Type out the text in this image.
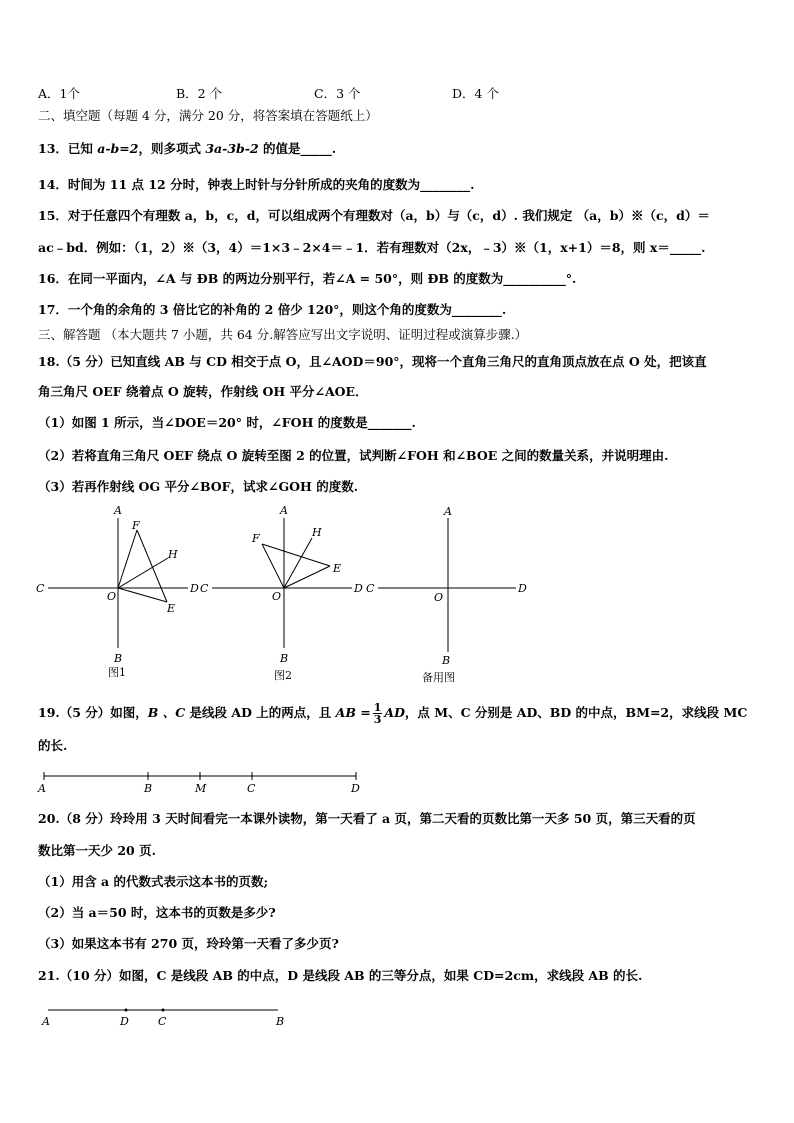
A．1个	B．2 个	C．3 个	D．4 个
二、填空题（每题 4 分，满分 20 分，将答案填在答题纸上）
13．已知 a-b=2，则多项式 3a-3b-2 的值是_____.
14．时间为 11 点 12 分时，钟表上时针与分针所成的夹角的度数为________.
15．对于任意四个有理数 a，b，c，d，可以组成两个有理数对（a，b）与（c，d）. 我们规定 （a，b）※（c，d）＝
ac﹣bd．例如：（1，2）※（3，4）＝1×3﹣2×4＝﹣1．若有理数对（2x，﹣3）※（1，x+1）＝8，则 x＝_____.
16．在同一平面内，∠A 与 ÐB 的两边分别平行，若∠A = 50°，则 ÐB 的度数为__________°.
17．一个角的余角的 3 倍比它的补角的 2 倍少 120°，则这个角的度数为________.
三、解答题 （本大题共 7 小题，共 64 分.解答应写出文字说明、证明过程或演算步骤.）
18.（5 分）已知直线 AB 与 CD 相交于点 O，且∠AOD＝90°，现将一个直角三角尺的直角顶点放在点 O 处，把该直
角三角尺 OEF 绕着点 O 旋转，作射线 OH 平分∠AOE．
（1）如图 1 所示，当∠DOE＝20° 时，∠FOH 的度数是_______.
（2）若将直角三角尺 OEF 绕点 O 旋转至图 2 的位置，试判断∠FOH 和∠BOE 之间的数量关系，并说明理由.
（3）若再作射线 OG 平分∠BOF，试求∠GOH 的度数.
A
F
H
C
O
D
E
B
图1
A
F	H
E
C
O
D
B
图2
A
C
O
D
B
备用图
A	B	M	C	D
A	D	C	B
19.（5 分）如图，B 、C 是线段 AD 上的两点，且 AB = $\frac{1}{3}$ AD，点 M、C 分别是 AD、BD 的中点，BM=2，求线段 MC
的长.
20.（8 分）玲玲用 3 天时间看完一本课外读物，第一天看了 a 页，第二天看的页数比第一天多 50 页，第三天看的页
数比第一天少 20 页.
（1）用含 a 的代数式表示这本书的页数;
（2）当 a＝50 时，这本书的页数是多少?
（3）如果这本书有 270 页，玲玲第一天看了多少页?
21.（10 分）如图，C 是线段 AB 的中点，D 是线段 AB 的三等分点，如果 CD=2cm，求线段 AB 的长.
